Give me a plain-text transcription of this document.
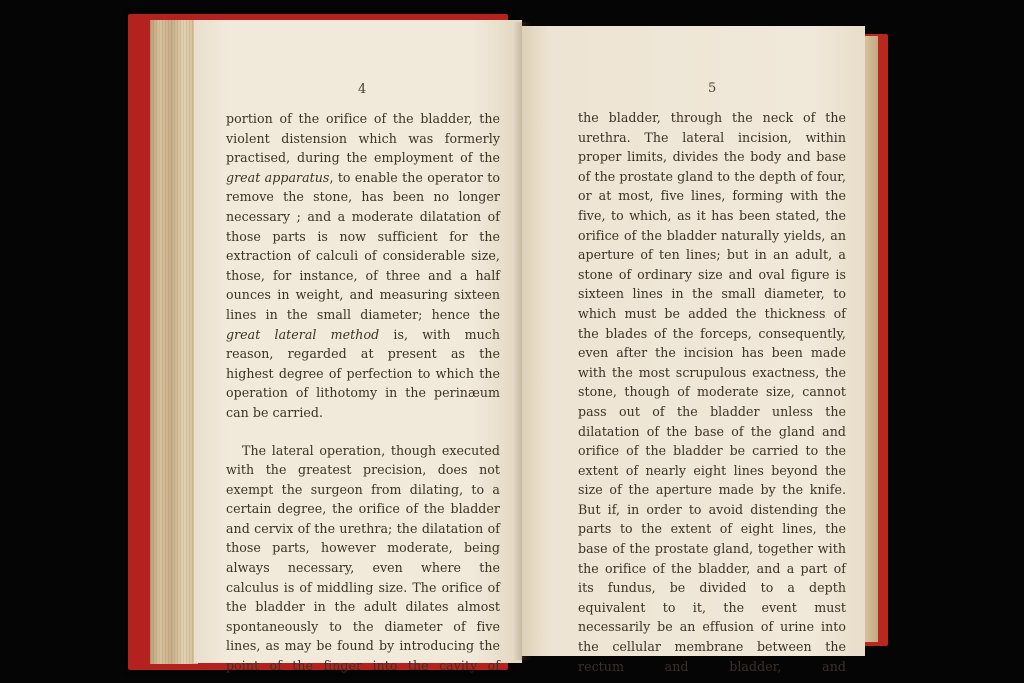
4

portion of the orifice of the bladder, the violent distension which was formerly practised, during the employment of the great apparatus, to enable the operator to remove the stone, has been no longer necessary ; and a moderate dilatation of those parts is now sufficient for the extraction of calculi of considerable size, those, for instance, of three and a half ounces in weight, and measuring sixteen lines in the small diameter; hence the great lateral method is, with much reason, regarded at present as the highest degree of perfection to which the operation of lithotomy in the perinæum can be carried.

The lateral operation, though executed with the greatest precision, does not exempt the surgeon from dilating, to a certain degree, the orifice of the bladder and cervix of the urethra; the dilatation of those parts, however moderate, being always necessary, even where the calculus is of middling size. The orifice of the bladder in the adult dilates almost spontaneously to the diameter of five lines, as may be found by introducing the point of the finger into the cavity of

5

the bladder, through the neck of the urethra. The lateral incision, within proper limits, divides the body and base of the prostate gland to the depth of four, or at most, five lines, forming with the five, to which, as it has been stated, the orifice of the bladder naturally yields, an aperture of ten lines; but in an adult, a stone of ordinary size and oval figure is sixteen lines in the small diameter, to which must be added the thickness of the blades of the forceps, consequently, even after the incision has been made with the most scrupulous exactness, the stone, though of moderate size, cannot pass out of the bladder unless the dilatation of the base of the gland and orifice of the bladder be carried to the extent of nearly eight lines beyond the size of the aperture made by the knife. But if, in order to avoid distending the parts to the extent of eight lines, the base of the prostate gland, together with the orifice of the bladder, and a part of its fundus, be divided to a depth equivalent to it, the event must necessarily be an effusion of urine into the cellular membrane between the rectum and bladder, and
